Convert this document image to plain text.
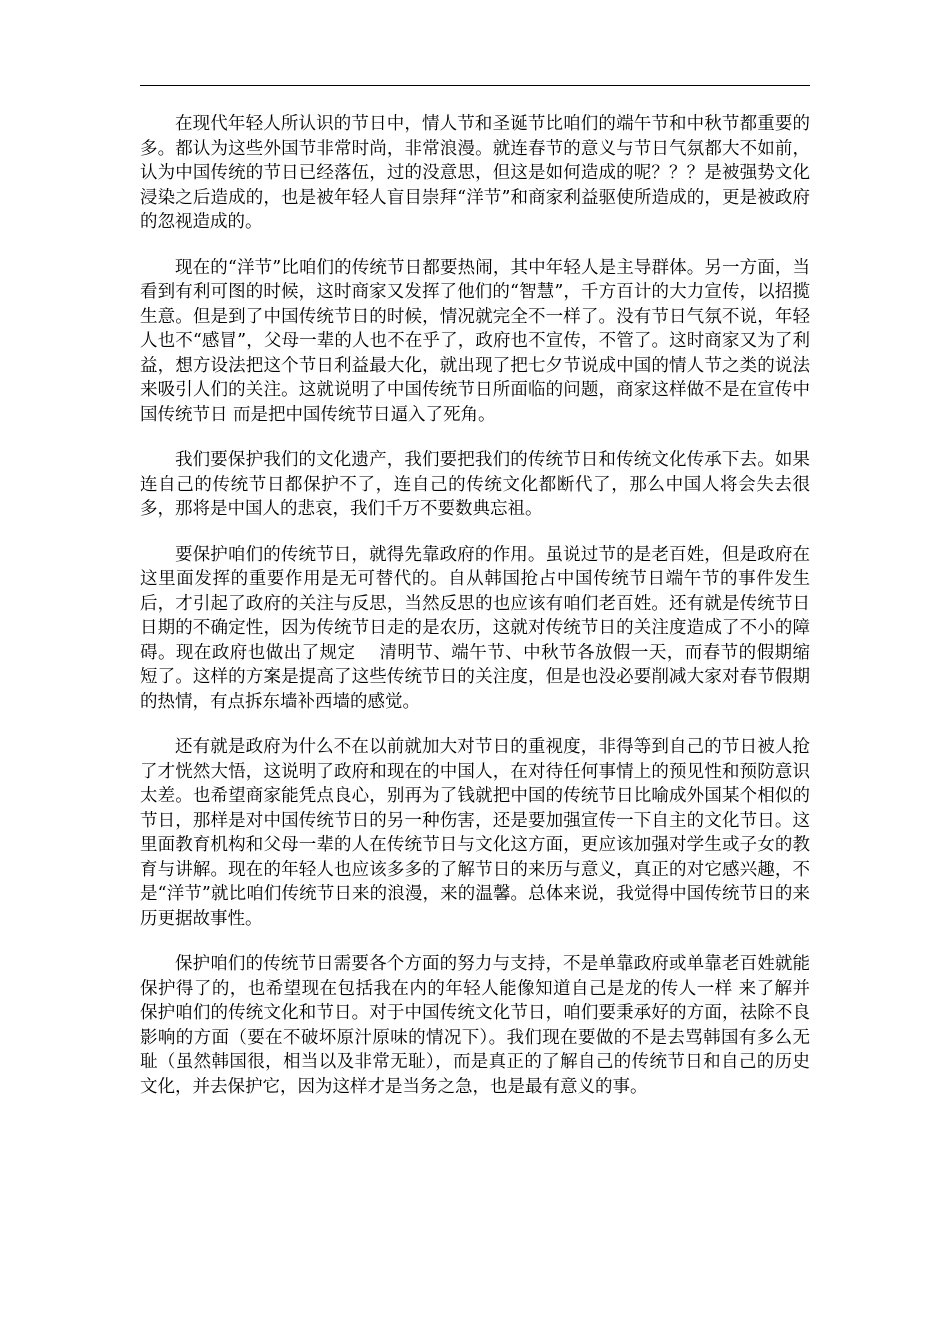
在现代年轻人所认识的节日中，情人节和圣诞节比咱们的端午节和中秋节都重要的多。都认为这些外国节非常时尚，非常浪漫。就连春节的意义与节日气氛都大不如前，认为中国传统的节日已经落伍，过的没意思，但这是如何造成的呢？？？是被强势文化浸染之后造成的，也是被年轻人盲目崇拜“洋节”和商家利益驱使所造成的，更是被政府的忽视造成的。

现在的“洋节”比咱们的传统节日都要热闹，其中年轻人是主导群体。另一方面，当看到有利可图的时候，这时商家又发挥了他们的“智慧”，千方百计的大力宣传，以招揽生意。但是到了中国传统节日的时候，情况就完全不一样了。没有节日气氛不说，年轻人也不“感冒”，父母一辈的人也不在乎了，政府也不宣传，不管了。这时商家又为了利益，想方设法把这个节日利益最大化，就出现了把七夕节说成中国的情人节之类的说法来吸引人们的关注。这就说明了中国传统节日所面临的问题，商家这样做不是在宣传中国传统节日 而是把中国传统节日逼入了死角。

我们要保护我们的文化遗产，我们要把我们的传统节日和传统文化传承下去。如果连自己的传统节日都保护不了，连自己的传统文化都断代了，那么中国人将会失去很多，那将是中国人的悲哀，我们千万不要数典忘祖。

要保护咱们的传统节日，就得先靠政府的作用。虽说过节的是老百姓，但是政府在这里面发挥的重要作用是无可替代的。自从韩国抢占中国传统节日端午节的事件发生后，才引起了政府的关注与反思，当然反思的也应该有咱们老百姓。还有就是传统节日日期的不确定性，因为传统节日走的是农历，这就对传统节日的关注度造成了不小的障碍。现在政府也做出了规定　 清明节、端午节、中秋节各放假一天，而春节的假期缩短了。这样的方案是提高了这些传统节日的关注度，但是也没必要削减大家对春节假期的热情，有点拆东墙补西墙的感觉。

还有就是政府为什么不在以前就加大对节日的重视度，非得等到自己的节日被人抢了才恍然大悟，这说明了政府和现在的中国人，在对待任何事情上的预见性和预防意识太差。也希望商家能凭点良心，别再为了钱就把中国的传统节日比喻成外国某个相似的节日，那样是对中国传统节日的另一种伤害，还是要加强宣传一下自主的文化节日。这里面教育机构和父母一辈的人在传统节日与文化这方面，更应该加强对学生或子女的教育与讲解。现在的年轻人也应该多多的了解节日的来历与意义，真正的对它感兴趣，不是“洋节”就比咱们传统节日来的浪漫，来的温馨。总体来说，我觉得中国传统节日的来历更据故事性。

保护咱们的传统节日需要各个方面的努力与支持，不是单靠政府或单靠老百姓就能保护得了的，也希望现在包括我在内的年轻人能像知道自己是龙的传人一样 来了解并保护咱们的传统文化和节日。对于中国传统文化节日，咱们要秉承好的方面，祛除不良影响的方面（要在不破坏原汁原味的情况下）。我们现在要做的不是去骂韩国有多么无耻（虽然韩国很，相当以及非常无耻），而是真正的了解自己的传统节日和自己的历史文化，并去保护它，因为这样才是当务之急，也是最有意义的事。
